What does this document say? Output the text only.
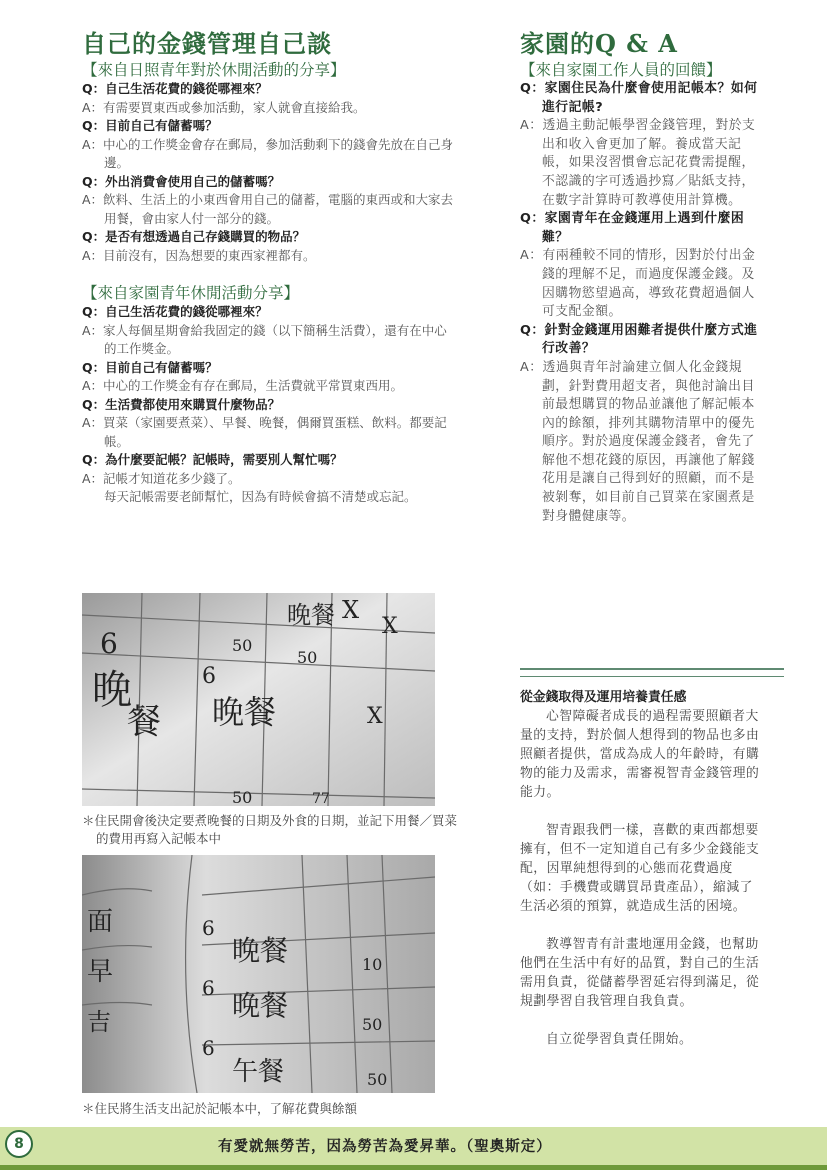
自己的金錢管理自己談

【來自日照青年對於休閒活動的分享】

Q：自己生活花費的錢從哪裡來？

A：有需要買東西或參加活動，家人就會直接給我。

Q：目前自己有儲蓄嗎？

A：中心的工作獎金會存在郵局，參加活動剩下的錢會先放在自己身邊。

Q：外出消費會使用自己的儲蓄嗎？

A：飲料、生活上的小東西會用自己的儲蓄，電腦的東西或和大家去用餐，會由家人付一部分的錢。

Q：是否有想透過自己存錢購買的物品？

A：目前沒有，因為想要的東西家裡都有。

【來自家園青年休閒活動分享】

Q：自己生活花費的錢從哪裡來？

A：家人每個星期會給我固定的錢（以下簡稱生活費），還有在中心的工作獎金。

Q：目前自己有儲蓄嗎？

A：中心的工作獎金有存在郵局，生活費就平常買東西用。

Q：生活費都使用來購買什麼物品？

A：買菜（家園要煮菜）、早餐、晚餐，偶爾買蛋糕、飲料。都要記帳。

Q：為什麼要記帳？記帳時，需要別人幫忙嗎？

A：記帳才知道花多少錢了。
每天記帳需要老師幫忙，因為有時候會搞不清楚或忘記。

晚
餐 晚餐
晚餐
6
6
50
50
50	77
X
X
X

＊住民開會後決定要煮晚餐的日期及外食的日期，並記下用餐／買菜的費用再寫入記帳本中

面
早
吉
晚餐
晚餐
午餐
6
6
6
10
50
50

＊住民將生活支出記於記帳本中，了解花費與餘額

家園的Q & A

【來自家園工作人員的回饋】

Q：家園住民為什麼會使用記帳本？如何進行記帳?

A：透過主動記帳學習金錢管理，對於支出和收入會更加了解。養成當天記帳，如果沒習慣會忘記花費需提醒，不認識的字可透過抄寫／貼紙支持，在數字計算時可教導使用計算機。

Q：家園青年在金錢運用上遇到什麼困難？

A：有兩種較不同的情形，因對於付出金錢的理解不足，而過度保護金錢。及因購物慾望過高，導致花費超過個人可支配金額。

Q：針對金錢運用困難者提供什麼方式進行改善？

A：透過與青年討論建立個人化金錢規劃，針對費用超支者，與他討論出目前最想購買的物品並讓他了解記帳本內的餘額，排列其購物清單中的優先順序。對於過度保護金錢者，會先了解他不想花錢的原因，再讓他了解錢花用是讓自己得到好的照顧，而不是被剝奪，如目前自己買菜在家園煮是對身體健康等。

從金錢取得及運用培養責任感

心智障礙者成長的過程需要照顧者大量的支持，對於個人想得到的物品也多由照顧者提供，當成為成人的年齡時，有購物的能力及需求，需審視智青金錢管理的能力。

智青跟我們一樣，喜歡的東西都想要擁有，但不一定知道自己有多少金錢能支配，因單純想得到的心態而花費過度（如：手機費或購買昂貴產品），縮減了生活必須的預算，就造成生活的困境。

教導智青有計畫地運用金錢，也幫助他們在生活中有好的品質，對自己的生活需用負責，從儲蓄學習延宕得到滿足，從規劃學習自我管理自我負責。

自立從學習負責任開始。

8	有愛就無勞苦，因為勞苦為愛昇華。（聖奧斯定）
